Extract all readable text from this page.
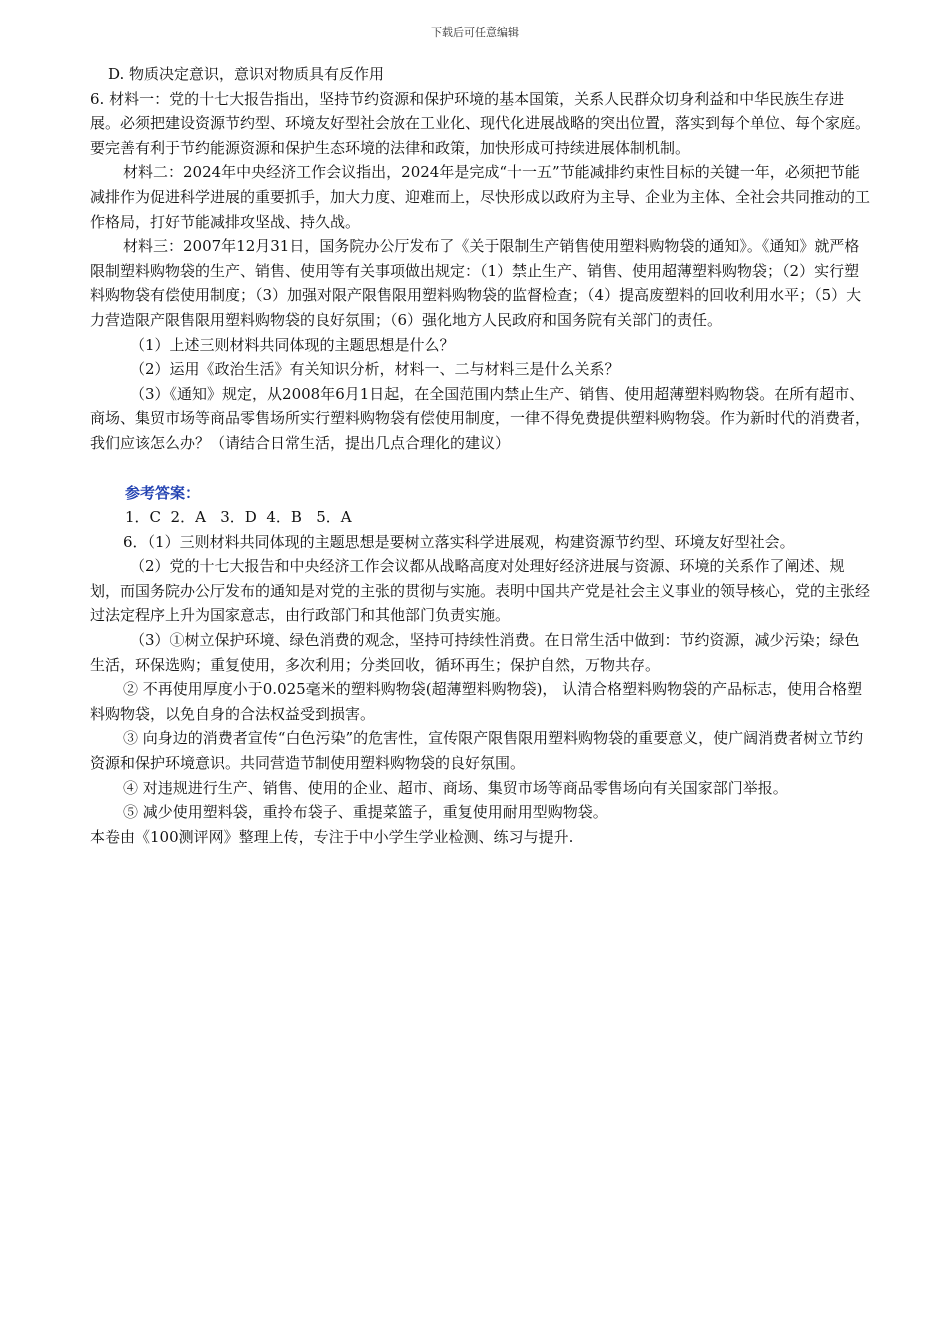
下载后可任意编辑

D. 物质决定意识，意识对物质具有反作用

6. 材料一：党的十七大报告指出，坚持节约资源和保护环境的基本国策，关系人民群众切身利益和中华民族生存进展。必须把建设资源节约型、环境友好型社会放在工业化、现代化进展战略的突出位置，落实到每个单位、每个家庭。要完善有利于节约能源资源和保护生态环境的法律和政策，加快形成可持续进展体制机制。

材料二：2024年中央经济工作会议指出，2024年是完成“十一五”节能减排约束性目标的关键一年，必须把节能减排作为促进科学进展的重要抓手，加大力度、迎难而上，尽快形成以政府为主导、企业为主体、全社会共同推动的工作格局，打好节能减排攻坚战、持久战。

材料三：2007年12月31日，国务院办公厅发布了《关于限制生产销售使用塑料购物袋的通知》。《通知》就严格限制塑料购物袋的生产、销售、使用等有关事项做出规定：（1）禁止生产、销售、使用超薄塑料购物袋；（2）实行塑料购物袋有偿使用制度；（3）加强对限产限售限用塑料购物袋的监督检查；（4）提高废塑料的回收利用水平；（5）大力营造限产限售限用塑料购物袋的良好氛围；（6）强化地方人民政府和国务院有关部门的责任。

（1）上述三则材料共同体现的主题思想是什么？

（2）运用《政治生活》有关知识分析，材料一、二与材料三是什么关系？

（3）《通知》规定，从2008年6月1日起，在全国范围内禁止生产、销售、使用超薄塑料购物袋。在所有超市、商场、集贸市场等商品零售场所实行塑料购物袋有偿使用制度，一律不得免费提供塑料购物袋。作为新时代的消费者，我们应该怎么办？（请结合日常生活，提出几点合理化的建议）

参考答案：

1．C  2．A   3．D  4．B   5．A

6．（1）三则材料共同体现的主题思想是要树立落实科学进展观，构建资源节约型、环境友好型社会。

（2）党的十七大报告和中央经济工作会议都从战略高度对处理好经济进展与资源、环境的关系作了阐述、规划，而国务院办公厅发布的通知是对党的主张的贯彻与实施。表明中国共产党是社会主义事业的领导核心，党的主张经过法定程序上升为国家意志，由行政部门和其他部门负责实施。

（3）①树立保护环境、绿色消费的观念，坚持可持续性消费。在日常生活中做到：节约资源，减少污染；绿色生活，环保选购；重复使用，多次利用；分类回收，循环再生；保护自然，万物共存。

② 不再使用厚度小于0.025毫米的塑料购物袋(超薄塑料购物袋)， 认清合格塑料购物袋的产品标志，使用合格塑料购物袋，以免自身的合法权益受到损害。

③ 向身边的消费者宣传“白色污染”的危害性，宣传限产限售限用塑料购物袋的重要意义，使广阔消费者树立节约资源和保护环境意识。共同营造节制使用塑料购物袋的良好氛围。

④ 对违规进行生产、销售、使用的企业、超市、商场、集贸市场等商品零售场向有关国家部门举报。

⑤ 减少使用塑料袋，重拎布袋子、重提菜篮子，重复使用耐用型购物袋。

本卷由《100测评网》整理上传，专注于中小学生学业检测、练习与提升.
